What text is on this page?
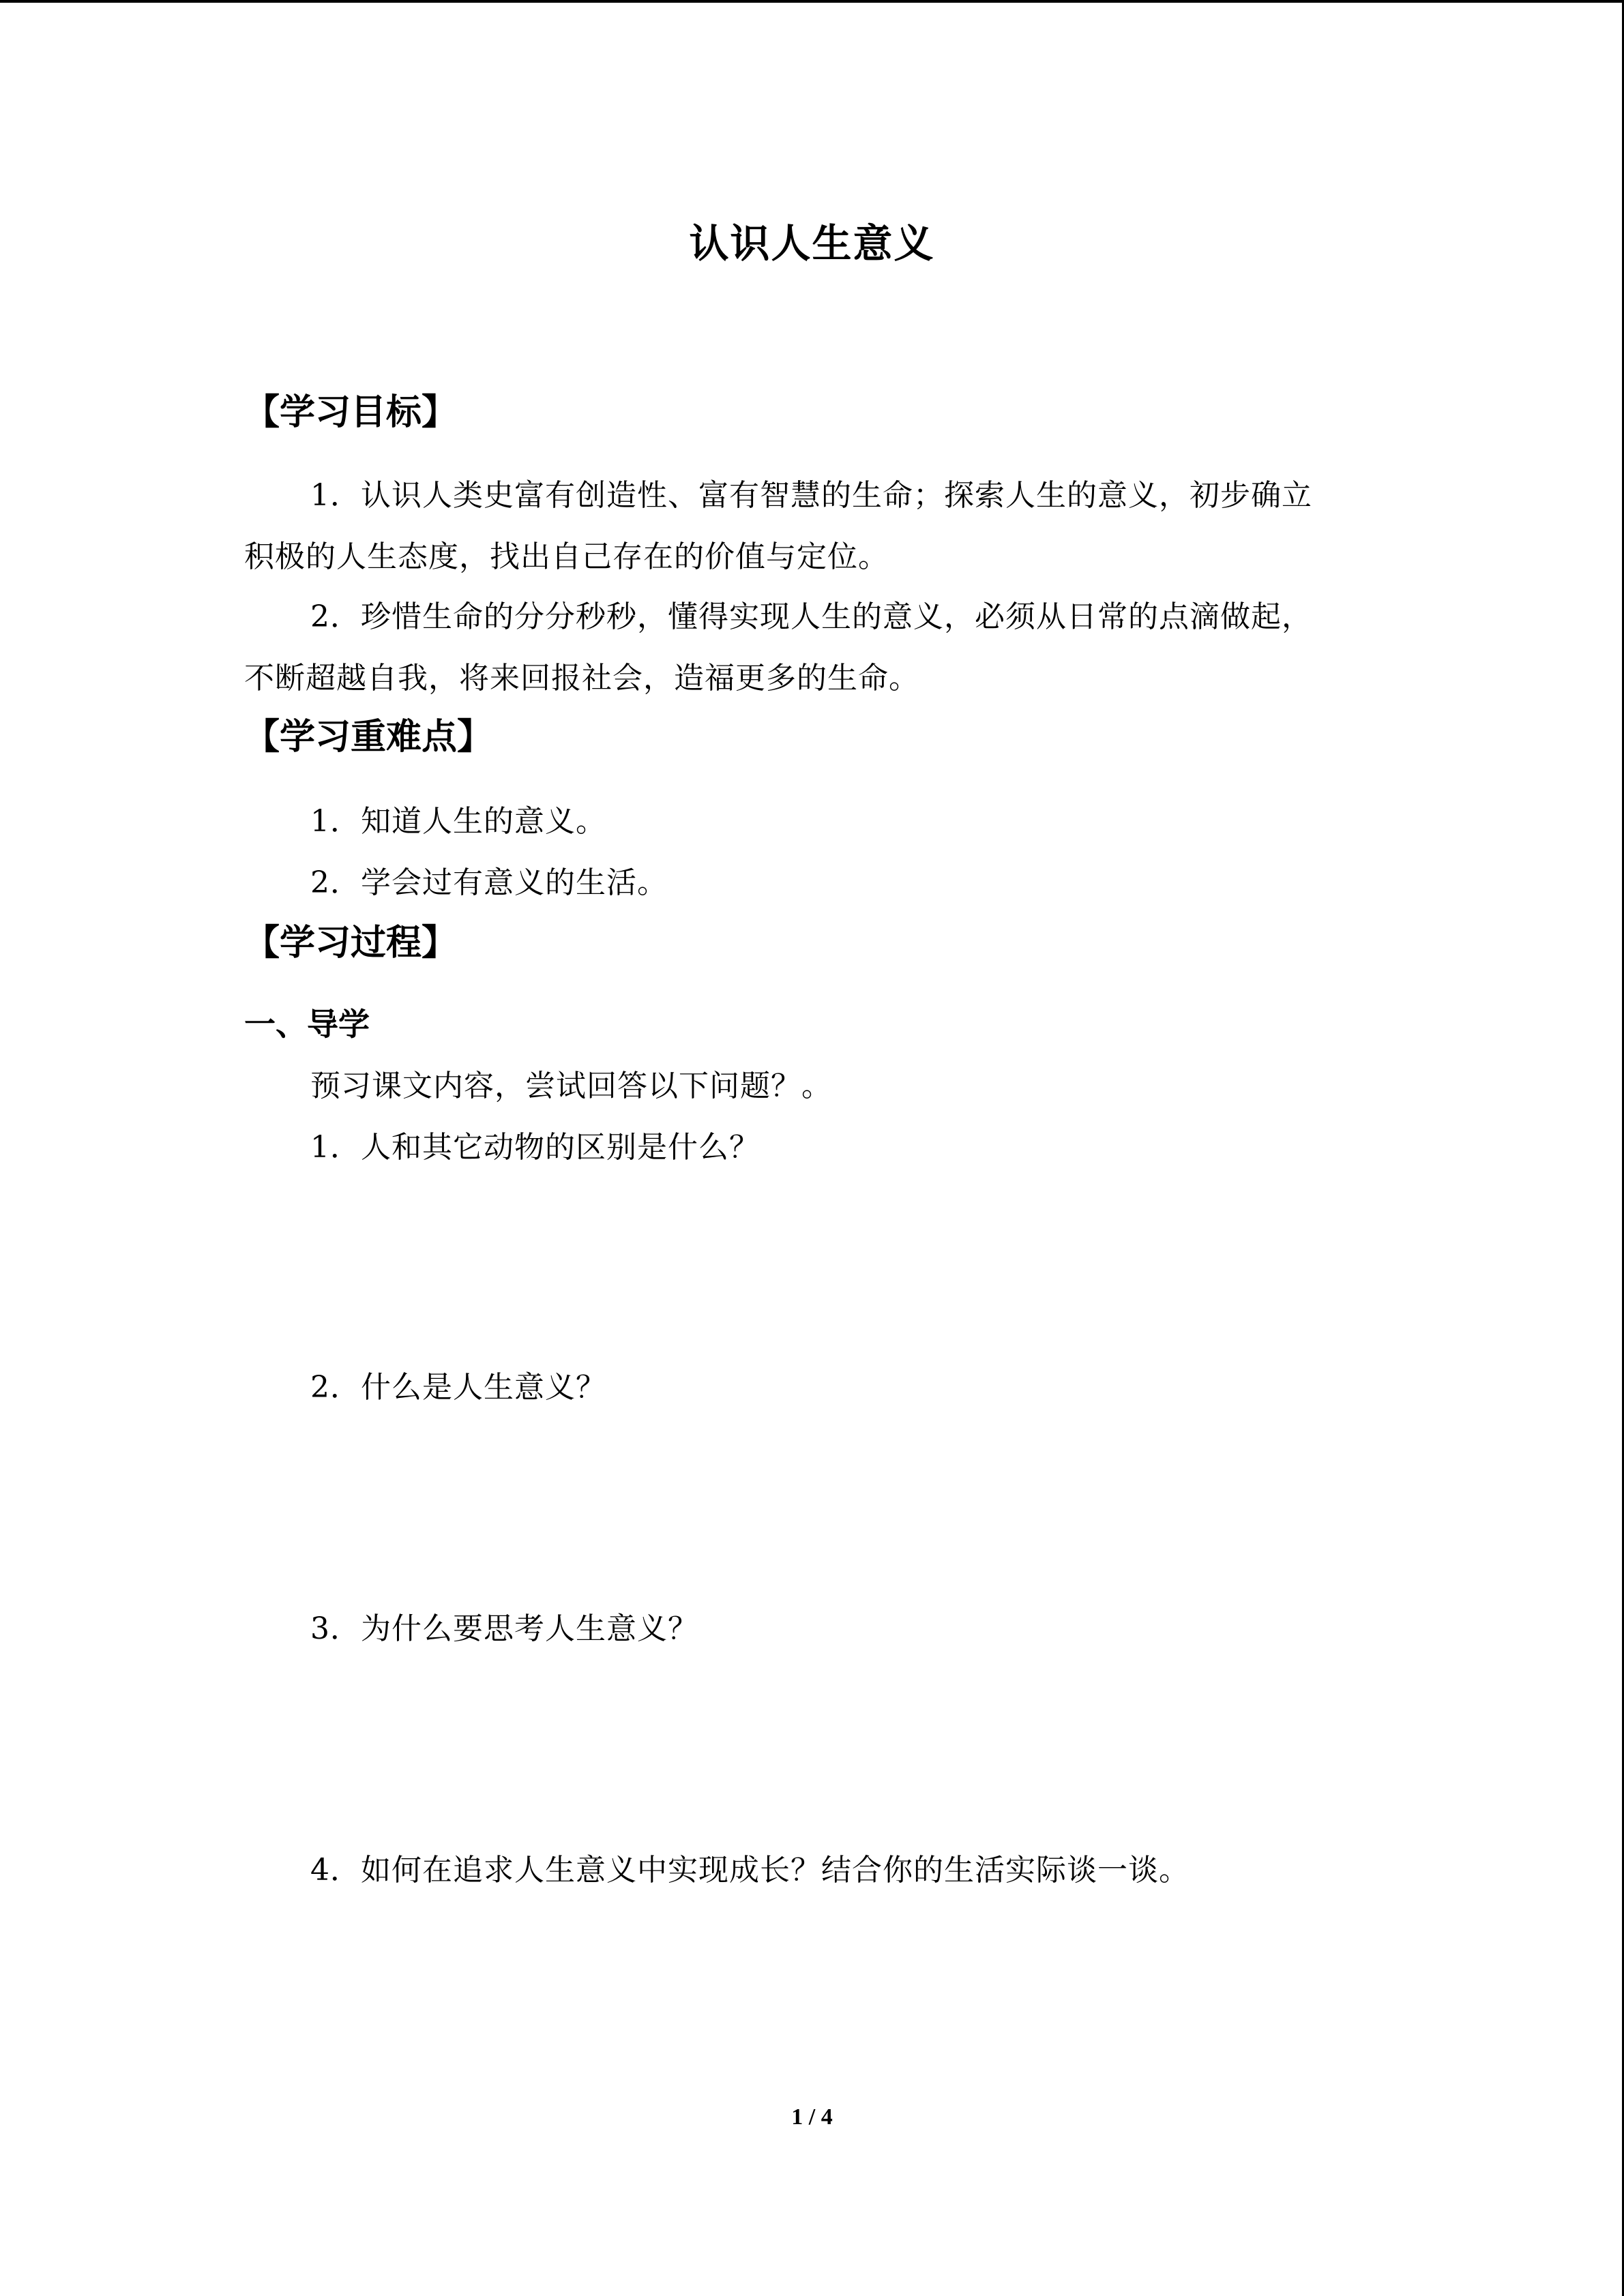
认识人生意义
【学习目标】
1．认识人类史富有创造性、富有智慧的生命；探索人生的意义，初步确立
积极的人生态度，找出自己存在的价值与定位。
2．珍惜生命的分分秒秒，懂得实现人生的意义，必须从日常的点滴做起，
不断超越自我，将来回报社会，造福更多的生命。
【学习重难点】
1．知道人生的意义。
2．学会过有意义的生活。
【学习过程】
一、导学
预习课文内容，尝试回答以下问题？。
1．人和其它动物的区别是什么？
2．什么是人生意义？
3．为什么要思考人生意义？
4．如何在追求人生意义中实现成长？结合你的生活实际谈一谈。
1 / 4
